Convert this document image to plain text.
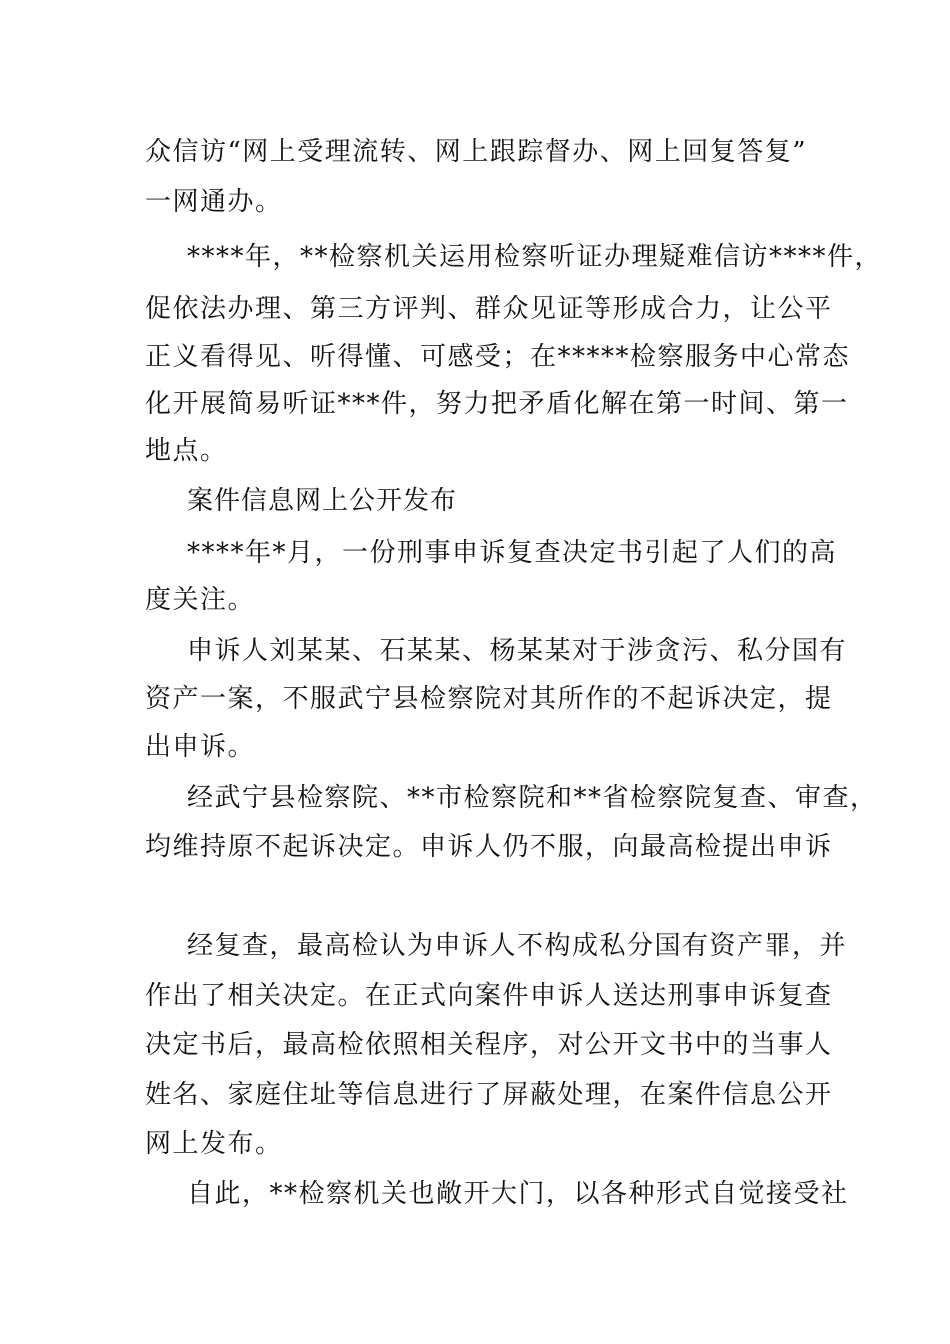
众信访“网上受理流转、网上跟踪督办、网上回复答复”
一网通办。
****年，**检察机关运用检察听证办理疑难信访****件，
促依法办理、第三方评判、群众见证等形成合力，让公平
正义看得见、听得懂、可感受；在*****检察服务中心常态
化开展简易听证***件，努力把矛盾化解在第一时间、第一
地点。
案件信息网上公开发布
****年*月，一份刑事申诉复查决定书引起了人们的高
度关注。
申诉人刘某某、石某某、杨某某对于涉贪污、私分国有
资产一案，不服武宁县检察院对其所作的不起诉决定，提
出申诉。
经武宁县检察院、**市检察院和**省检察院复查、审查，
均维持原不起诉决定。申诉人仍不服，向最高检提出申诉
经复查，最高检认为申诉人不构成私分国有资产罪，并
作出了相关决定。在正式向案件申诉人送达刑事申诉复查
决定书后，最高检依照相关程序，对公开文书中的当事人
姓名、家庭住址等信息进行了屏蔽处理，在案件信息公开
网上发布。
自此，**检察机关也敞开大门，以各种形式自觉接受社
